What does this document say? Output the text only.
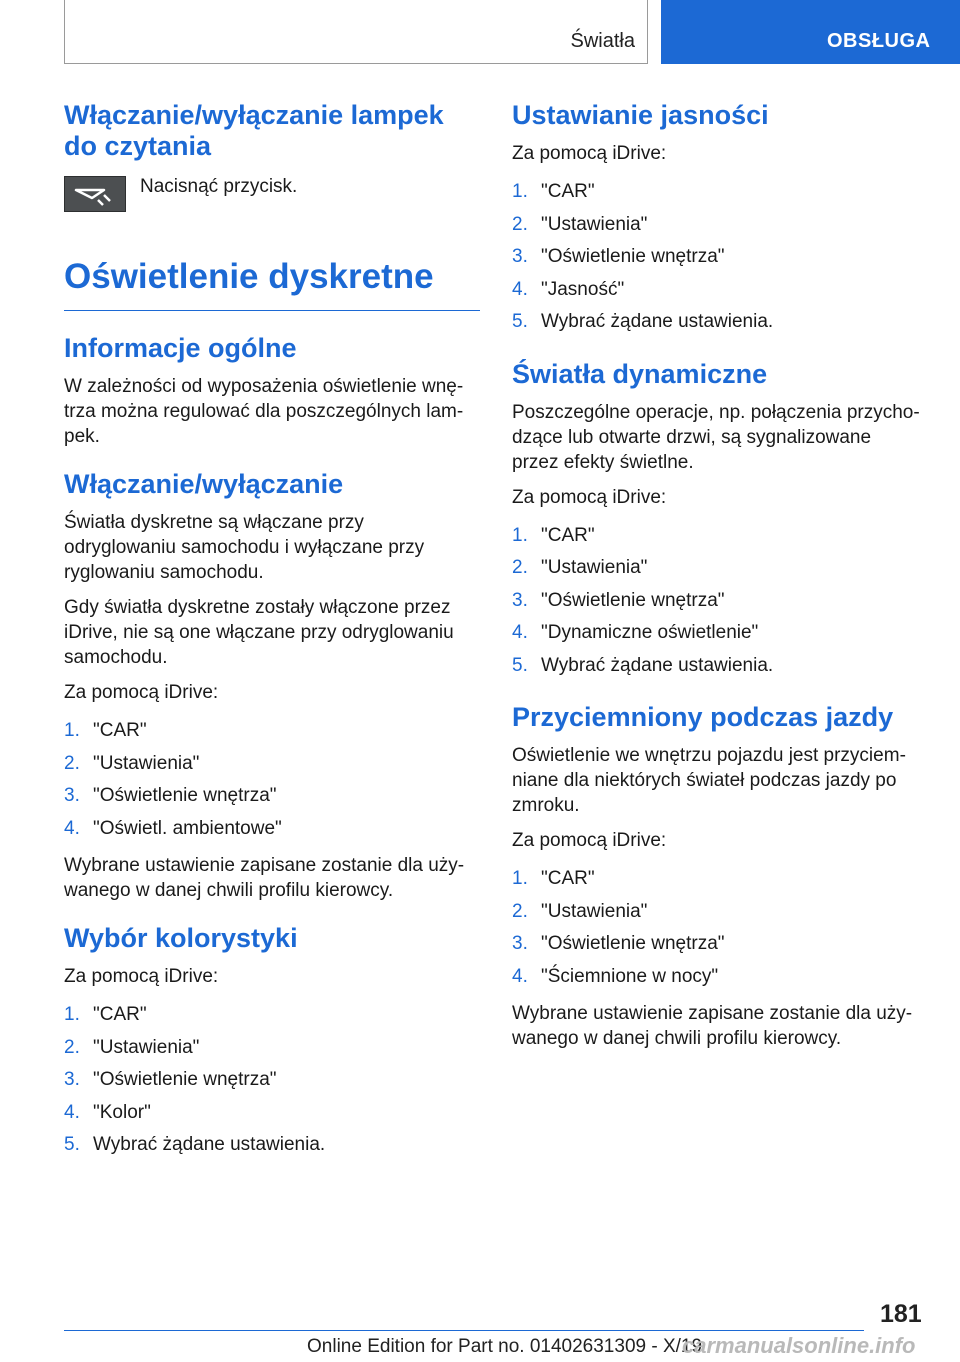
Światła	OBSŁUGA
Włączanie/wyłączanie lampek do czytania

Nacisnąć przycisk.

Oświetlenie dyskretne
Informacje ogólne

W zależności od wyposażenia oświetlenie wnętrza można regulować dla poszczególnych lampek.

Włączanie/wyłączanie

Światła dyskretne są włączane przy odryglowaniu samochodu i wyłączane przy ryglowaniu samochodu.

Gdy światła dyskretne zostały włączone przez iDrive, nie są one włączane przy odryglowaniu samochodu.

Za pomocą iDrive:

1. "CAR"
2. "Ustawienia"
3. "Oświetlenie wnętrza"
4. "Oświetl. ambientowe"

Wybrane ustawienie zapisane zostanie dla używanego w danej chwili profilu kierowcy.

Wybór kolorystyki

Za pomocą iDrive:

1. "CAR"
2. "Ustawienia"
3. "Oświetlenie wnętrza"
4. "Kolor"
5. Wybrać żądane ustawienia.
Ustawianie jasności

Za pomocą iDrive:

1. "CAR"
2. "Ustawienia"
3. "Oświetlenie wnętrza"
4. "Jasność"
5. Wybrać żądane ustawienia.
Światła dynamiczne

Poszczególne operacje, np. połączenia przychodzące lub otwarte drzwi, są sygnalizowane przez efekty świetlne.

Za pomocą iDrive:

1. "CAR"
2. "Ustawienia"
3. "Oświetlenie wnętrza"
4. "Dynamiczne oświetlenie"
5. Wybrać żądane ustawienia.
Przyciemniony podczas jazdy

Oświetlenie we wnętrzu pojazdu jest przyciemniane dla niektórych świateł podczas jazdy po zmroku.

Za pomocą iDrive:

1. "CAR"
2. "Ustawienia"
3. "Oświetlenie wnętrza"
4. "Ściemnione w nocy"

Wybrane ustawienie zapisane zostanie dla używanego w danej chwili profilu kierowcy.

181
Online Edition for Part no. 01402631309 - X/19
carmanualsonline.info
